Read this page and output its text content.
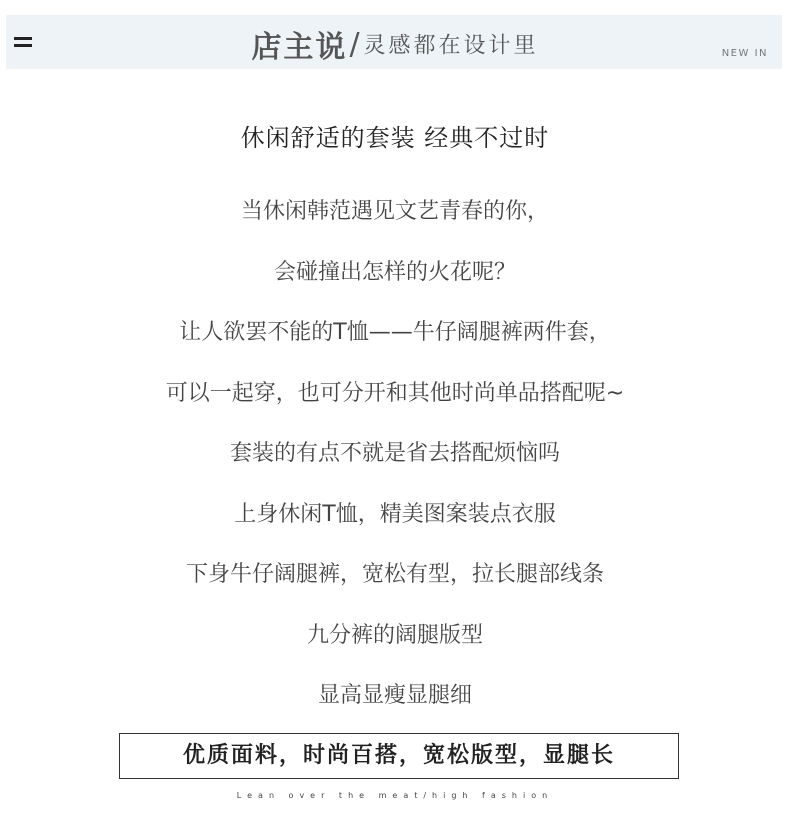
店主说/ 灵感都在设计里	NEW IN
休闲舒适的套装 经典不过时
当休闲韩范遇见文艺青春的你，
会碰撞出怎样的火花呢？
让人欲罢不能的T恤——牛仔阔腿裤两件套，
可以一起穿，也可分开和其他时尚单品搭配呢~
套装的有点不就是省去搭配烦恼吗
上身休闲T恤，精美图案装点衣服
下身牛仔阔腿裤，宽松有型，拉长腿部线条
九分裤的阔腿版型
显高显瘦显腿细
优质面料，时尚百搭，宽松版型，显腿长
Lean over the meat/high fashion
